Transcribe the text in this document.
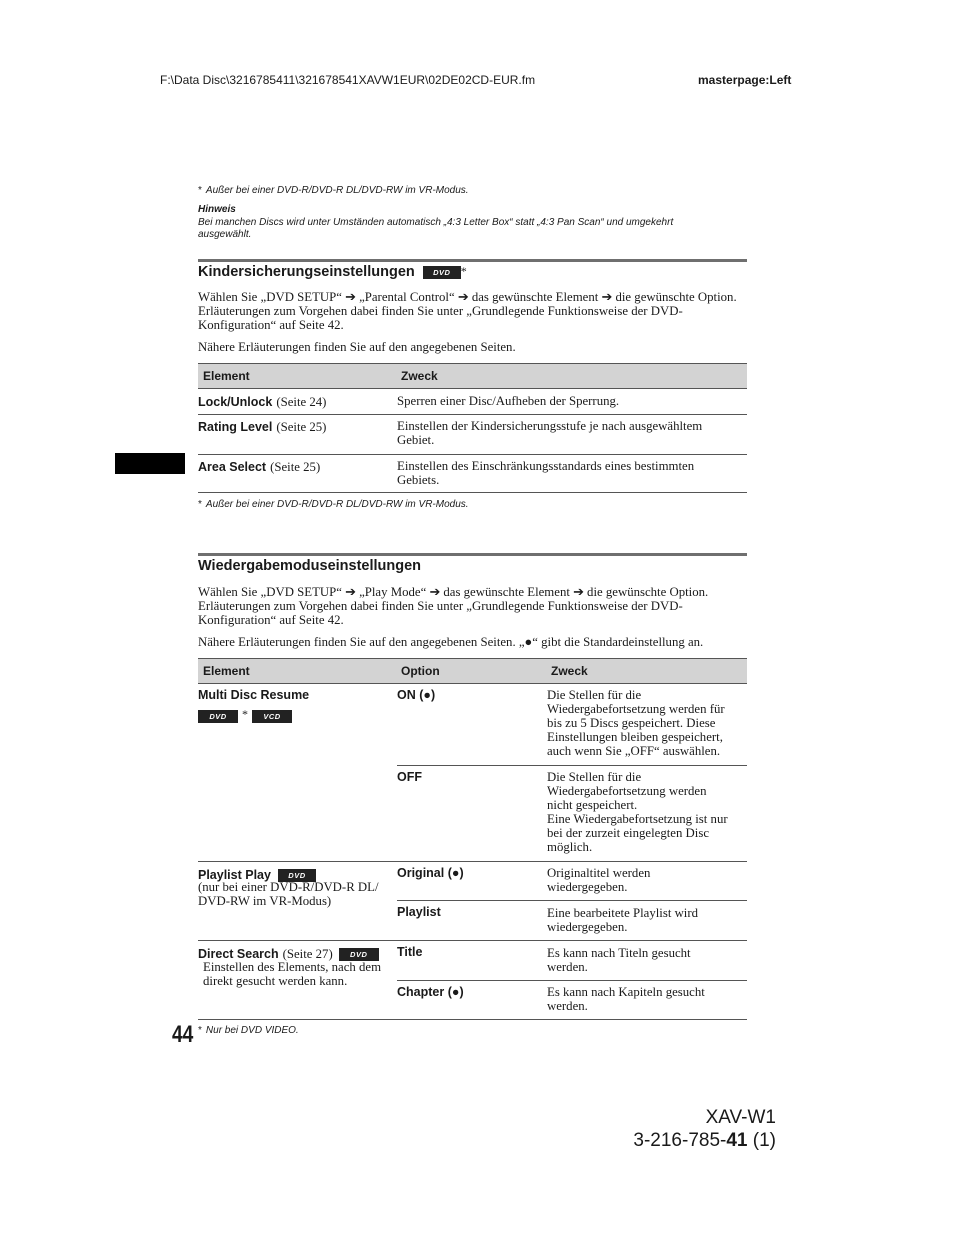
F:\Data Disc\3216785411\321678541XAVW1EUR\02DE02CD-EUR.fm	masterpage:Left
* Außer bei einer DVD-R/DVD-R DL/DVD-RW im VR-Modus.
Hinweis
Bei manchen Discs wird unter Umständen automatisch „4:3 Letter Box“ statt „4:3 Pan Scan“ und umgekehrt
ausgewählt.
Kindersicherungseinstellungen DVD *
Wählen Sie „DVD SETUP“ ➔ „Parental Control“ ➔ das gewünschte Element ➔ die gewünschte Option.
Erläuterungen zum Vorgehen dabei finden Sie unter „Grundlegende Funktionsweise der DVD-
Konfiguration“ auf Seite 42.
Nähere Erläuterungen finden Sie auf den angegebenen Seiten.
Element	Zweck
Lock/Unlock (Seite 24)	Sperren einer Disc/Aufheben der Sperrung.
Rating Level (Seite 25)	Einstellen der Kindersicherungsstufe je nach ausgewähltem
Gebiet.
Area Select (Seite 25)	Einstellen des Einschränkungsstandards eines bestimmten
Gebiets.
* Außer bei einer DVD-R/DVD-R DL/DVD-RW im VR-Modus.
Wiedergabemoduseinstellungen
Wählen Sie „DVD SETUP“ ➔ „Play Mode“ ➔ das gewünschte Element ➔ die gewünschte Option.
Erläuterungen zum Vorgehen dabei finden Sie unter „Grundlegende Funktionsweise der DVD-
Konfiguration“ auf Seite 42.
Nähere Erläuterungen finden Sie auf den angegebenen Seiten. „●“ gibt die Standardeinstellung an.
Element	Option	Zweck
Multi Disc Resume
DVD * VCD
ON (●)	Die Stellen für die
Wiedergabefortsetzung werden für
bis zu 5 Discs gespeichert. Diese
Einstellungen bleiben gespeichert,
auch wenn Sie „OFF“ auswählen.
OFF	Die Stellen für die
Wiedergabefortsetzung werden
nicht gespeichert.
Eine Wiedergabefortsetzung ist nur
bei der zurzeit eingelegten Disc
möglich.
Playlist Play DVD
(nur bei einer DVD-R/DVD-R DL/
DVD-RW im VR-Modus)
Original (●)	Originaltitel werden
wiedergegeben.
Playlist	Eine bearbeitete Playlist wird
wiedergegeben.
Direct Search (Seite 27) DVD
Einstellen des Elements, nach dem
direkt gesucht werden kann.
Title	Es kann nach Titeln gesucht
werden.
Chapter (●)	Es kann nach Kapiteln gesucht
werden.
44 * Nur bei DVD VIDEO.
XAV-W1
3-216-785-41 (1)
